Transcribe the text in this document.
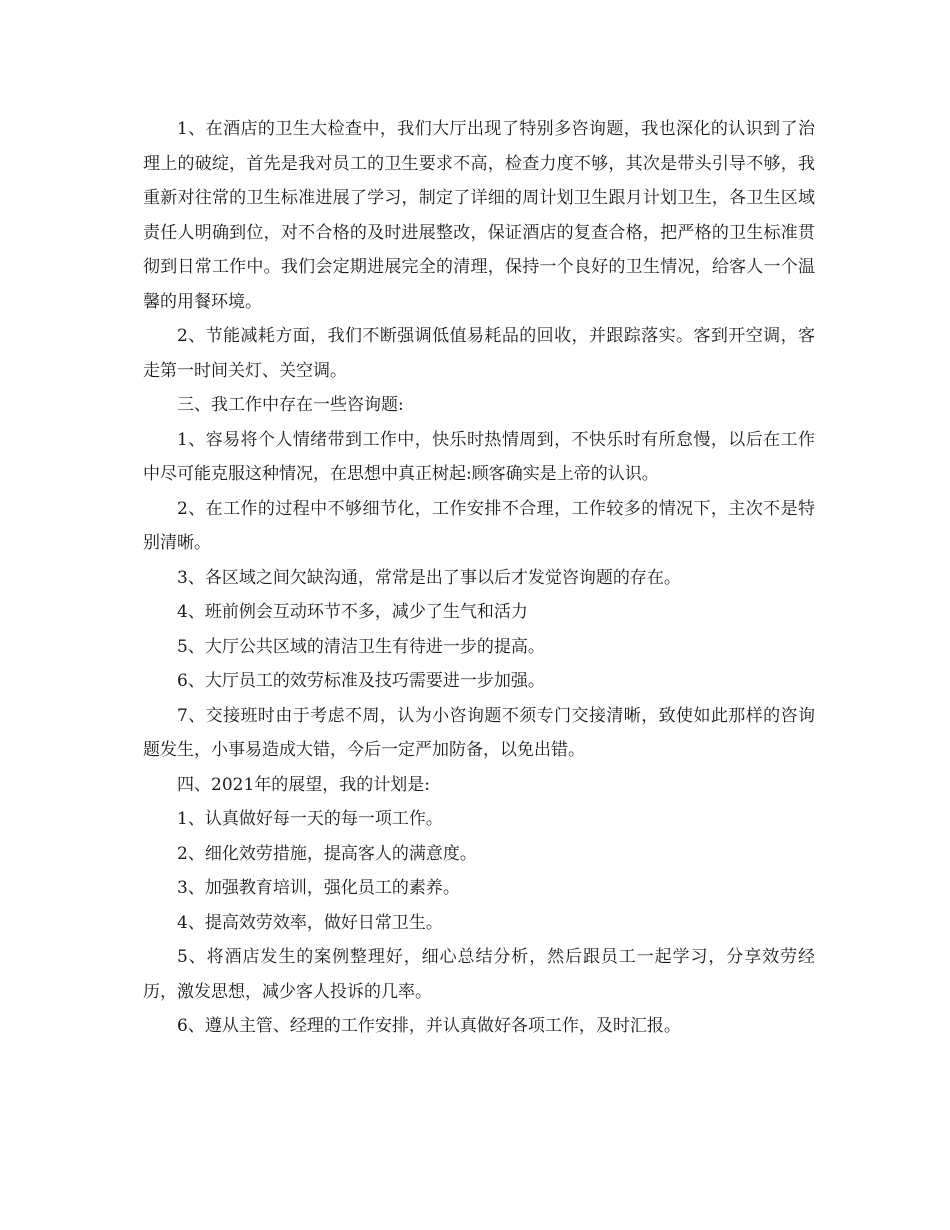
1、在酒店的卫生大检查中，我们大厅出现了特别多咨询题，我也深化的认识到了治理上的破绽，首先是我对员工的卫生要求不高，检查力度不够，其次是带头引导不够，我重新对往常的卫生标准进展了学习，制定了详细的周计划卫生跟月计划卫生，各卫生区域责任人明确到位，对不合格的及时进展整改，保证酒店的复查合格，把严格的卫生标准贯彻到日常工作中。我们会定期进展完全的清理，保持一个良好的卫生情况，给客人一个温馨的用餐环境。

2、节能减耗方面，我们不断强调低值易耗品的回收，并跟踪落实。客到开空调，客走第一时间关灯、关空调。

三、我工作中存在一些咨询题:

1、容易将个人情绪带到工作中，快乐时热情周到，不快乐时有所怠慢，以后在工作中尽可能克服这种情况，在思想中真正树起:顾客确实是上帝的认识。

2、在工作的过程中不够细节化，工作安排不合理，工作较多的情况下，主次不是特别清晰。

3、各区域之间欠缺沟通，常常是出了事以后才发觉咨询题的存在。

4、班前例会互动环节不多，减少了生气和活力

5、大厅公共区域的清洁卫生有待进一步的提高。

6、大厅员工的效劳标准及技巧需要进一步加强。

7、交接班时由于考虑不周，认为小咨询题不须专门交接清晰，致使如此那样的咨询题发生，小事易造成大错，今后一定严加防备，以免出错。

四、2021年的展望，我的计划是:

1、认真做好每一天的每一项工作。

2、细化效劳措施，提高客人的满意度。

3、加强教育培训，强化员工的素养。

4、提高效劳效率，做好日常卫生。

5、将酒店发生的案例整理好，细心总结分析，然后跟员工一起学习，分享效劳经历，激发思想，减少客人投诉的几率。

6、遵从主管、经理的工作安排，并认真做好各项工作，及时汇报。
